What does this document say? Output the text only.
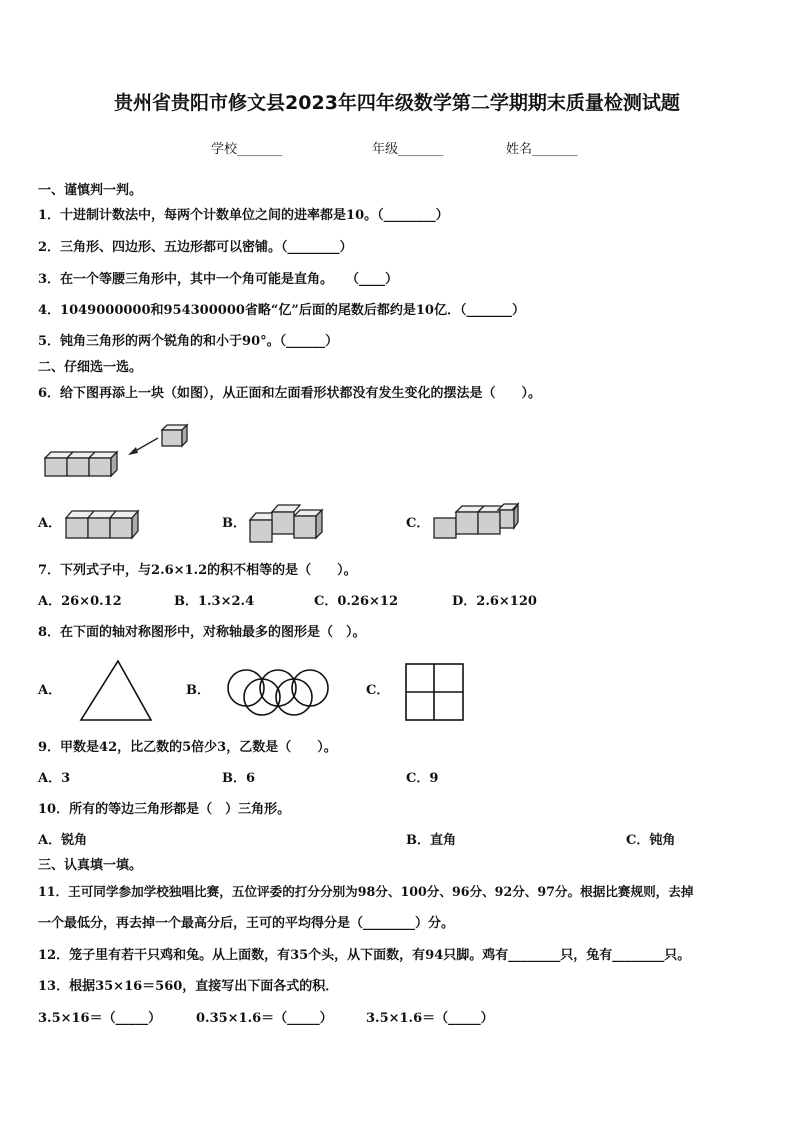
贵州省贵阳市修文县2023年四年级数学第二学期期末质量检测试题
学校_______	年级_______	姓名_______
一、谨慎判一判。
1．十进制计数法中，每两个计数单位之间的进率都是10。（________）
2．三角形、四边形、五边形都可以密铺。（________）
3．在一个等腰三角形中，其中一个角可能是直角。　　（____）
4．1049000000和954300000省略“亿”后面的尾数后都约是10亿．（_______）
5．钝角三角形的两个锐角的和小于90°。（______）
二、仔细选一选。
6．给下图再添上一块（如图），从正面和左面看形状都没有发生变化的摆法是（　　）。
A．	B．	C．
7．下列式子中，与2.6×1.2的积不相等的是（　　）。
A．26×0.12	B．1.3×2.4	C．0.26×12	D．2.6×120
8．在下面的轴对称图形中，对称轴最多的图形是（　）。
A．	B．	C．
9．甲数是42，比乙数的5倍少3，乙数是（　　）。
A．3	B．6	C．9
10．所有的等边三角形都是（　）三角形。
A．锐角	B．直角	C．钝角
三、认真填一填。
11．王可同学参加学校独唱比赛，五位评委的打分分别为98分、100分、96分、92分、97分。根据比赛规则，去掉
一个最低分，再去掉一个最高分后，王可的平均得分是（________）分。
12．笼子里有若干只鸡和兔。从上面数，有35个头，从下面数，有94只脚。鸡有________只，兔有________只。
13．根据35×16＝560，直接写出下面各式的积．
3.5×16＝（_____）	0.35×1.6＝（_____）	3.5×1.6＝（_____）
